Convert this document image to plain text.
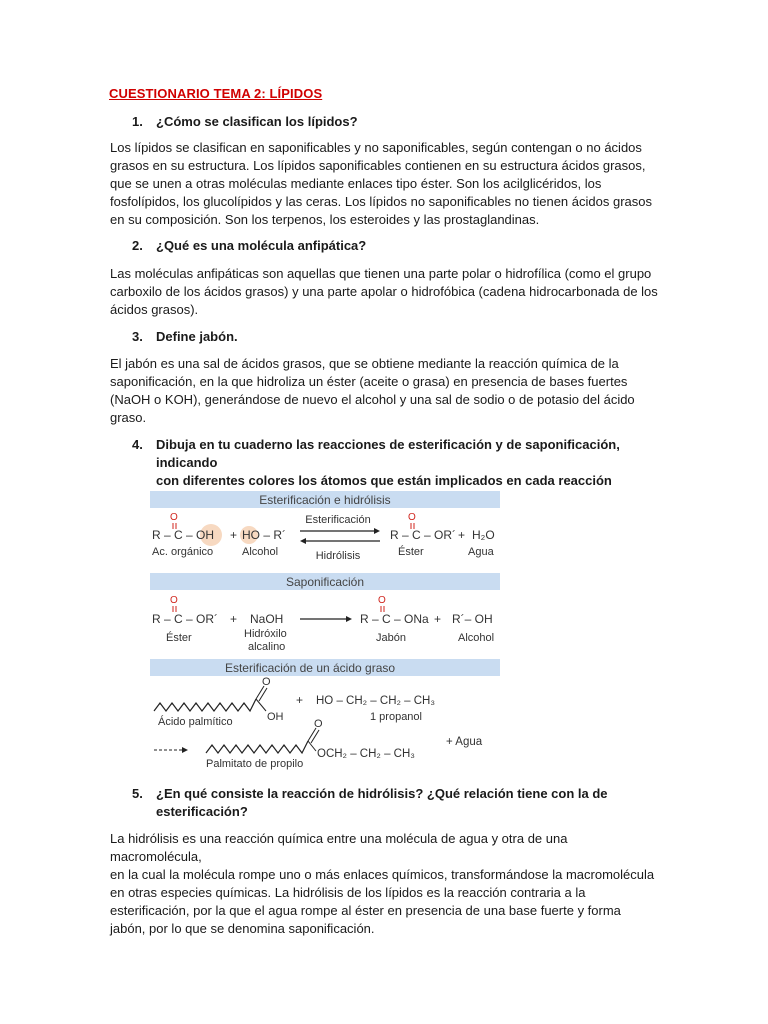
CUESTIONARIO TEMA 2: LÍPIDOS
1. ¿Cómo se clasifican los lípidos?
Los lípidos se clasifican en saponificables y no saponificables, según contengan o no ácidos
grasos en su estructura. Los lípidos saponificables contienen en su estructura ácidos grasos,
que se unen a otras moléculas mediante enlaces tipo éster. Son los acilglicéridos, los
fosfolípidos, los glucolípidos y las ceras. Los lípidos no saponificables no tienen ácidos grasos
en su composición. Son los terpenos, los esteroides y las prostaglandinas.
2. ¿Qué es una molécula anfipática?
Las moléculas anfipáticas son aquellas que tienen una parte polar o hidrofílica (como el grupo
carboxilo de los ácidos grasos) y una parte apolar o hidrofóbica (cadena hidrocarbonada de los
ácidos grasos).
3. Define jabón.
El jabón es una sal de ácidos grasos, que se obtiene mediante la reacción química de la
saponificación, en la que hidroliza un éster (aceite o grasa) en presencia de bases fuertes
(NaOH o KOH), generándose de nuevo el alcohol y una sal de sodio o de potasio del ácido
graso.
4. Dibuja en tu cuaderno las reacciones de esterificación y de saponificación, indicando
con diferentes colores los átomos que están implicados en cada reacción
Esterificación e hidrólisis
O
R – C – OH + HO – R´
Esterificación
Hidrólisis
O
R – C – OR´ + H₂O
Ac. orgánico	Alcohol	Éster	Agua
Saponificación
O
R – C – OR´ + NaOH
O
R – C – ONa + R´– OH
Éster	Hidróxilo
alcalino
Jabón	Alcohol
Esterificación de un ácido graso
O
OH
+ HO – CH₂ – CH₂ – CH₃
Ácido palmítico	1 propanol
O
OCH₂ – CH₂ – CH₃
+ Agua
Palmitato de propilo
5. ¿En qué consiste la reacción de hidrólisis? ¿Qué relación tiene con la de
esterificación?
La hidrólisis es una reacción química entre una molécula de agua y otra de una macromolécula,
en la cual la molécula rompe uno o más enlaces químicos, transformándose la macromolécula
en otras especies químicas. La hidrólisis de los lípidos es la reacción contraria a la
esterificación, por la que el agua rompe al éster en presencia de una base fuerte y forma
jabón, por lo que se denomina saponificación.
